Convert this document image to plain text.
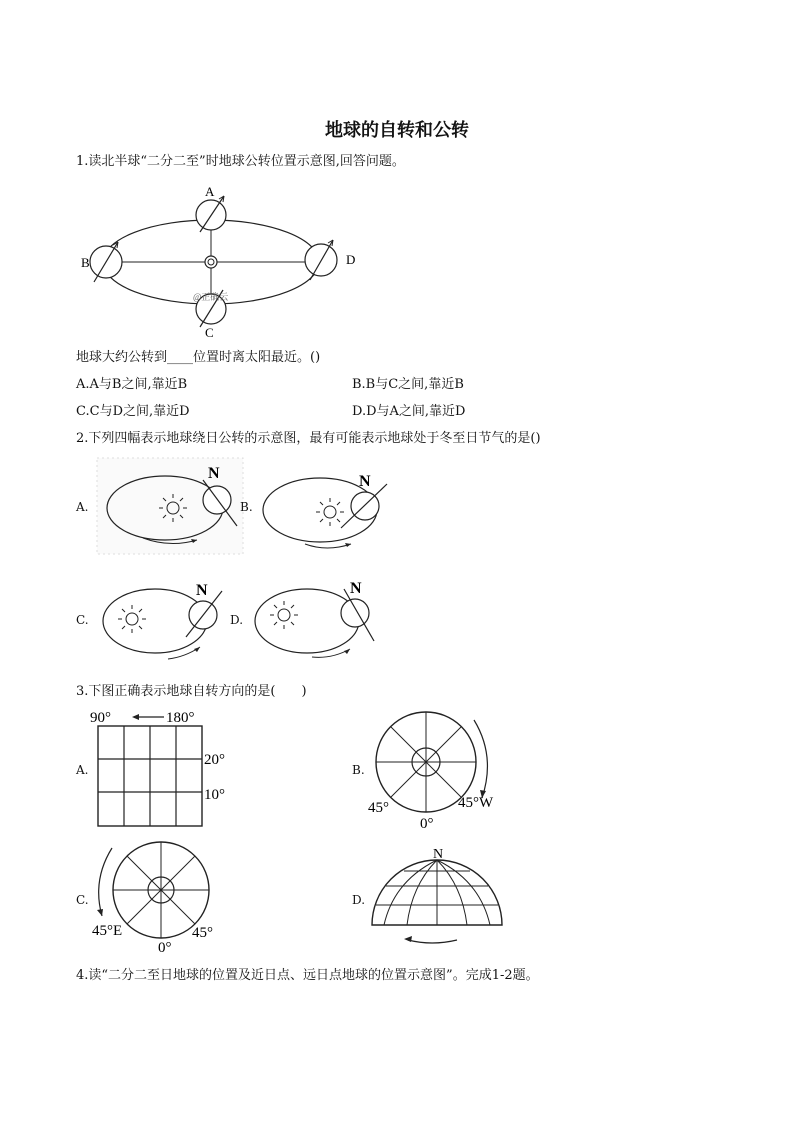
地球的自转和公转
1.读北半球“二分二至”时地球公转位置示意图,回答问题。
A
B	D
C
@正确云
地球大约公转到____位置时离太阳最近。()
A.A与B之间,靠近B	B.B与C之间,靠近B
C.C与D之间,靠近D	D.D与A之间,靠近D
2.下列四幅表示地球绕日公转的示意图，最有可能表示地球处于冬至日节气的是()
A.
N
B.
N
C.
N
D.
N
3.下图正确表示地球自转方向的是(　　)
A.
90°	180°
20°
10°
B.
45°
0°
45°W
C.
45°E
0°
45°
D.
N
4.读“二分二至日地球的位置及近日点、远日点地球的位置示意图”。完成1-2题。
